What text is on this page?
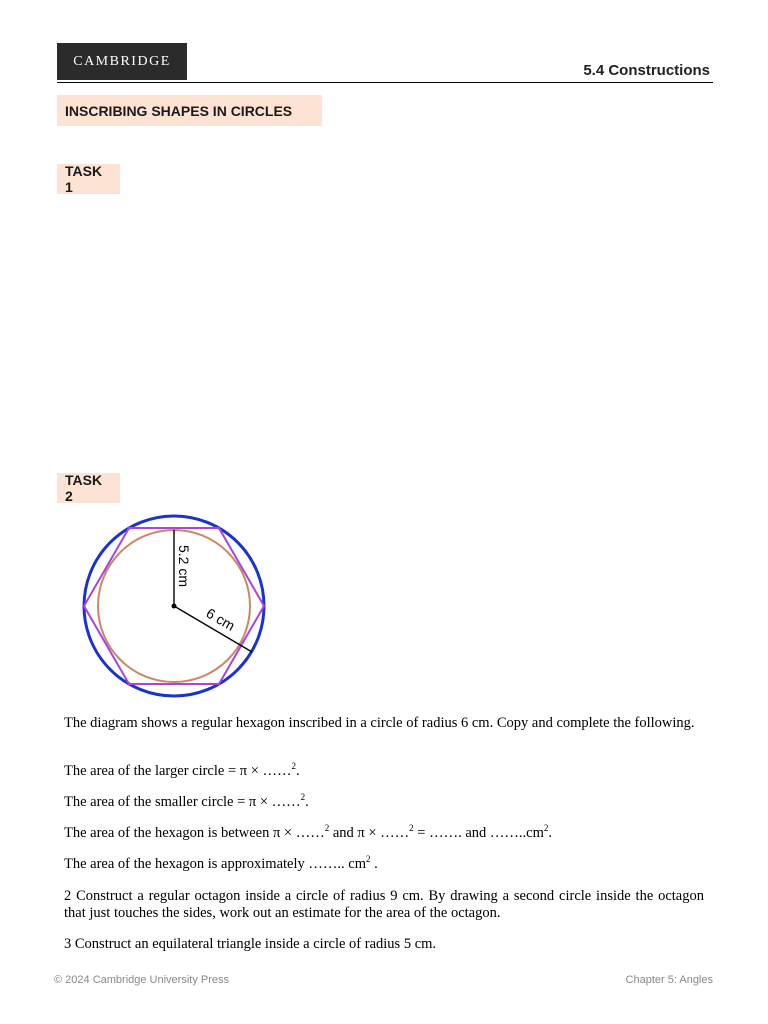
CAMBRIDGE
5.4 Constructions
INSCRIBING SHAPES IN CIRCLES
TASK 1
TASK 2
5.2 cm
6 cm
The diagram shows a regular hexagon inscribed in a circle of radius 6 cm. Copy and complete the following.
The area of the larger circle = π × ……$^2$.
The area of the smaller circle = π × ……$^2$.
The area of the hexagon is between π × ……$^2$ and π × ……$^2$ = ……. and $\dots\dots..cm^2$.
The area of the hexagon is approximately …….. $cm^2$ .
2 Construct a regular octagon inside a circle of radius 9 cm. By drawing a second circle inside the octagon that just touches the sides, work out an estimate for the area of the octagon.
3 Construct an equilateral triangle inside a circle of radius 5 cm.
© 2024 Cambridge University Press	Chapter 5: Angles
